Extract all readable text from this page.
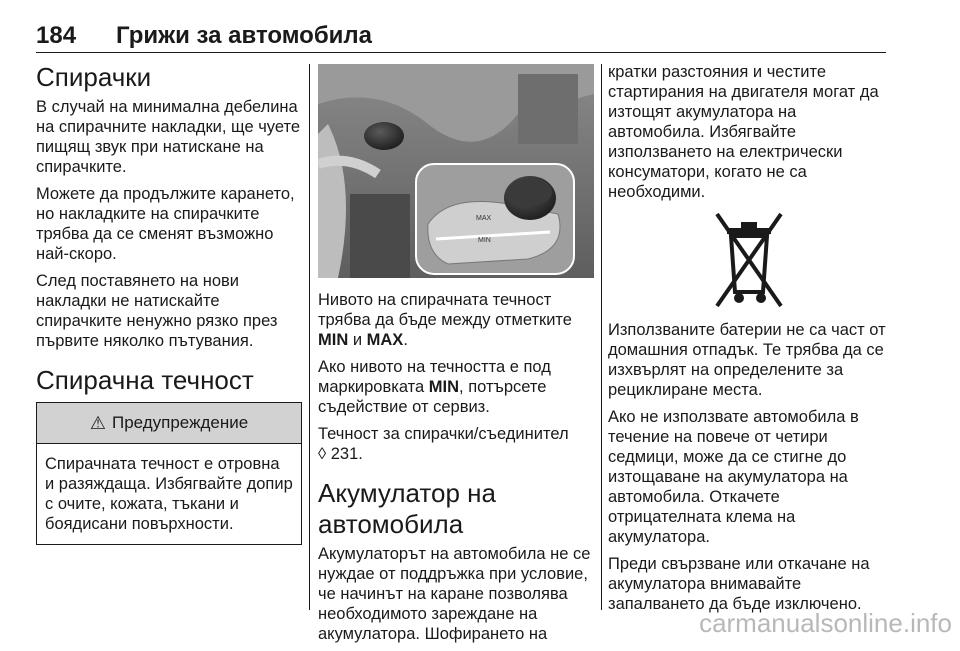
184 Грижи за автомобила
Спирачки

В случай на минимална дебелина на спирачните накладки, ще чуете пищящ звук при натискане на спирачките.

Можете да продължите карането, но накладките на спирачките трябва да се сменят възможно най-скоро.

След поставянето на нови накладки не натискайте спирачките ненужно рязко през първите няколко пътувания.

Спирачна течност
⚠ Предупреждение
Спирачната течност е отровна и разяждаща. Избягвайте допир с очите, кожата, тъкани и боядисани повърхности.
MAX
MIN

Нивото на спирачната течност трябва да бъде между отметките MIN и MAX.

Ако нивото на течността е под маркировката MIN, потърсете съдействие от сервиз.

Течност за спирачки/съединител
◊ 231.

Акумулатор на автомобила

Акумулаторът на автомобила не се нуждае от поддръжка при условие, че начинът на каране позволява необходимото зареждане на акумулатора. Шофирането на

кратки разстояния и честите стартирания на двигателя могат да изтощят акумулатора на автомобила. Избягвайте използването на електрически консуматори, когато не са необходими.

Използваните батерии не са част от домашния отпадък. Те трябва да се изхвърлят на определените за рециклиране места.

Ако не използвате автомобила в течение на повече от четири седмици, може да се стигне до изтощаване на акумулатора на автомобила. Откачете отрицателната клема на акумулатора.

Преди свързване или откачане на акумулатора внимавайте запалването да бъде изключено.

carmanualsonline.info
